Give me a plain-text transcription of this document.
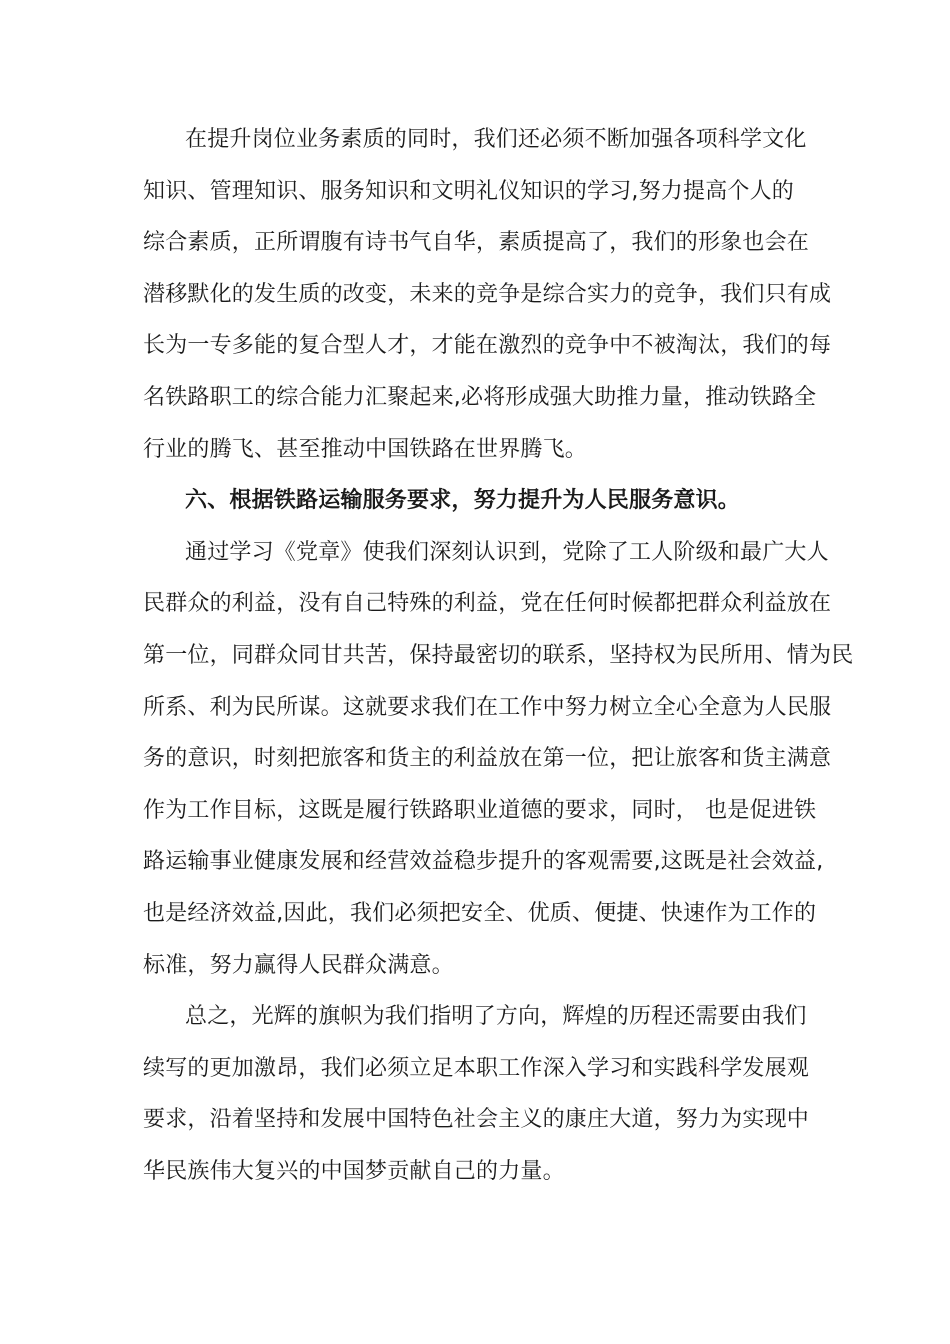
在提升岗位业务素质的同时，我们还必须不断加强各项科学文化
知识、管理知识、服务知识和文明礼仪知识的学习,努力提高个人的
综合素质，正所谓腹有诗书气自华，素质提高了，我们的形象也会在
潜移默化的发生质的改变，未来的竞争是综合实力的竞争，我们只有成
长为一专多能的复合型人才，才能在激烈的竞争中不被淘汰，我们的每
名铁路职工的综合能力汇聚起来,必将形成强大助推力量，推动铁路全
行业的腾飞、甚至推动中国铁路在世界腾飞。
六、根据铁路运输服务要求，努力提升为人民服务意识。
通过学习《党章》使我们深刻认识到，党除了工人阶级和最广大人
民群众的利益，没有自己特殊的利益，党在任何时候都把群众利益放在
第一位，同群众同甘共苦，保持最密切的联系，坚持权为民所用、情为民
所系、利为民所谋。这就要求我们在工作中努力树立全心全意为人民服
务的意识，时刻把旅客和货主的利益放在第一位，把让旅客和货主满意
作为工作目标，这既是履行铁路职业道德的要求，同时， 也是促进铁
路运输事业健康发展和经营效益稳步提升的客观需要,这既是社会效益,
也是经济效益,因此，我们必须把安全、优质、便捷、快速作为工作的
标准，努力赢得人民群众满意。
总之，光辉的旗帜为我们指明了方向，辉煌的历程还需要由我们
续写的更加激昂，我们必须立足本职工作深入学习和实践科学发展观
要求，沿着坚持和发展中国特色社会主义的康庄大道，努力为实现中
华民族伟大复兴的中国梦贡献自己的力量。
